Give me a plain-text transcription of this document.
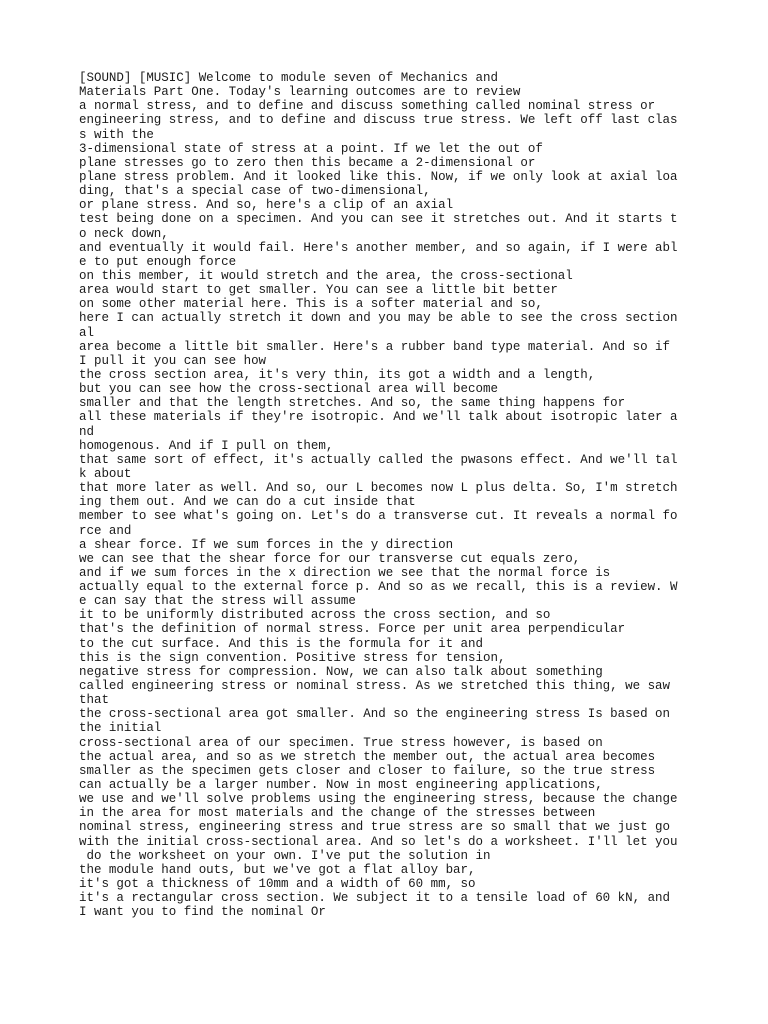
[SOUND] [MUSIC] Welcome to module seven of Mechanics and
Materials Part One. Today's learning outcomes are to review
a normal stress, and to define and discuss something called nominal stress or
engineering stress, and to define and discuss true stress. We left off last clas
s with the
3-dimensional state of stress at a point. If we let the out of
plane stresses go to zero then this became a 2-dimensional or
plane stress problem. And it looked like this. Now, if we only look at axial loa
ding, that's a special case of two-dimensional,
or plane stress. And so, here's a clip of an axial
test being done on a specimen. And you can see it stretches out. And it starts t
o neck down,
and eventually it would fail. Here's another member, and so again, if I were abl
e to put enough force
on this member, it would stretch and the area, the cross-sectional
area would start to get smaller. You can see a little bit better
on some other material here. This is a softer material and so,
here I can actually stretch it down and you may be able to see the cross section
al
area become a little bit smaller. Here's a rubber band type material. And so if
I pull it you can see how
the cross section area, it's very thin, its got a width and a length,
but you can see how the cross-sectional area will become
smaller and that the length stretches. And so, the same thing happens for
all these materials if they're isotropic. And we'll talk about isotropic later a
nd
homogenous. And if I pull on them,
that same sort of effect, it's actually called the pwasons effect. And we'll tal
k about
that more later as well. And so, our L becomes now L plus delta. So, I'm stretch
ing them out. And we can do a cut inside that
member to see what's going on. Let's do a transverse cut. It reveals a normal fo
rce and
a shear force. If we sum forces in the y direction
we can see that the shear force for our transverse cut equals zero,
and if we sum forces in the x direction we see that the normal force is
actually equal to the external force p. And so as we recall, this is a review. W
e can say that the stress will assume
it to be uniformly distributed across the cross section, and so
that's the definition of normal stress. Force per unit area perpendicular
to the cut surface. And this is the formula for it and
this is the sign convention. Positive stress for tension,
negative stress for compression. Now, we can also talk about something
called engineering stress or nominal stress. As we stretched this thing, we saw
that
the cross-sectional area got smaller. And so the engineering stress Is based on
the initial
cross-sectional area of our specimen. True stress however, is based on
the actual area, and so as we stretch the member out, the actual area becomes
smaller as the specimen gets closer and closer to failure, so the true stress
can actually be a larger number. Now in most engineering applications,
we use and we'll solve problems using the engineering stress, because the change
in the area for most materials and the change of the stresses between
nominal stress, engineering stress and true stress are so small that we just go
with the initial cross-sectional area. And so let's do a worksheet. I'll let you
do the worksheet on your own. I've put the solution in
the module hand outs, but we've got a flat alloy bar,
it's got a thickness of 10mm and a width of 60 mm, so
it's a rectangular cross section. We subject it to a tensile load of 60 kN, and
I want you to find the nominal Or
